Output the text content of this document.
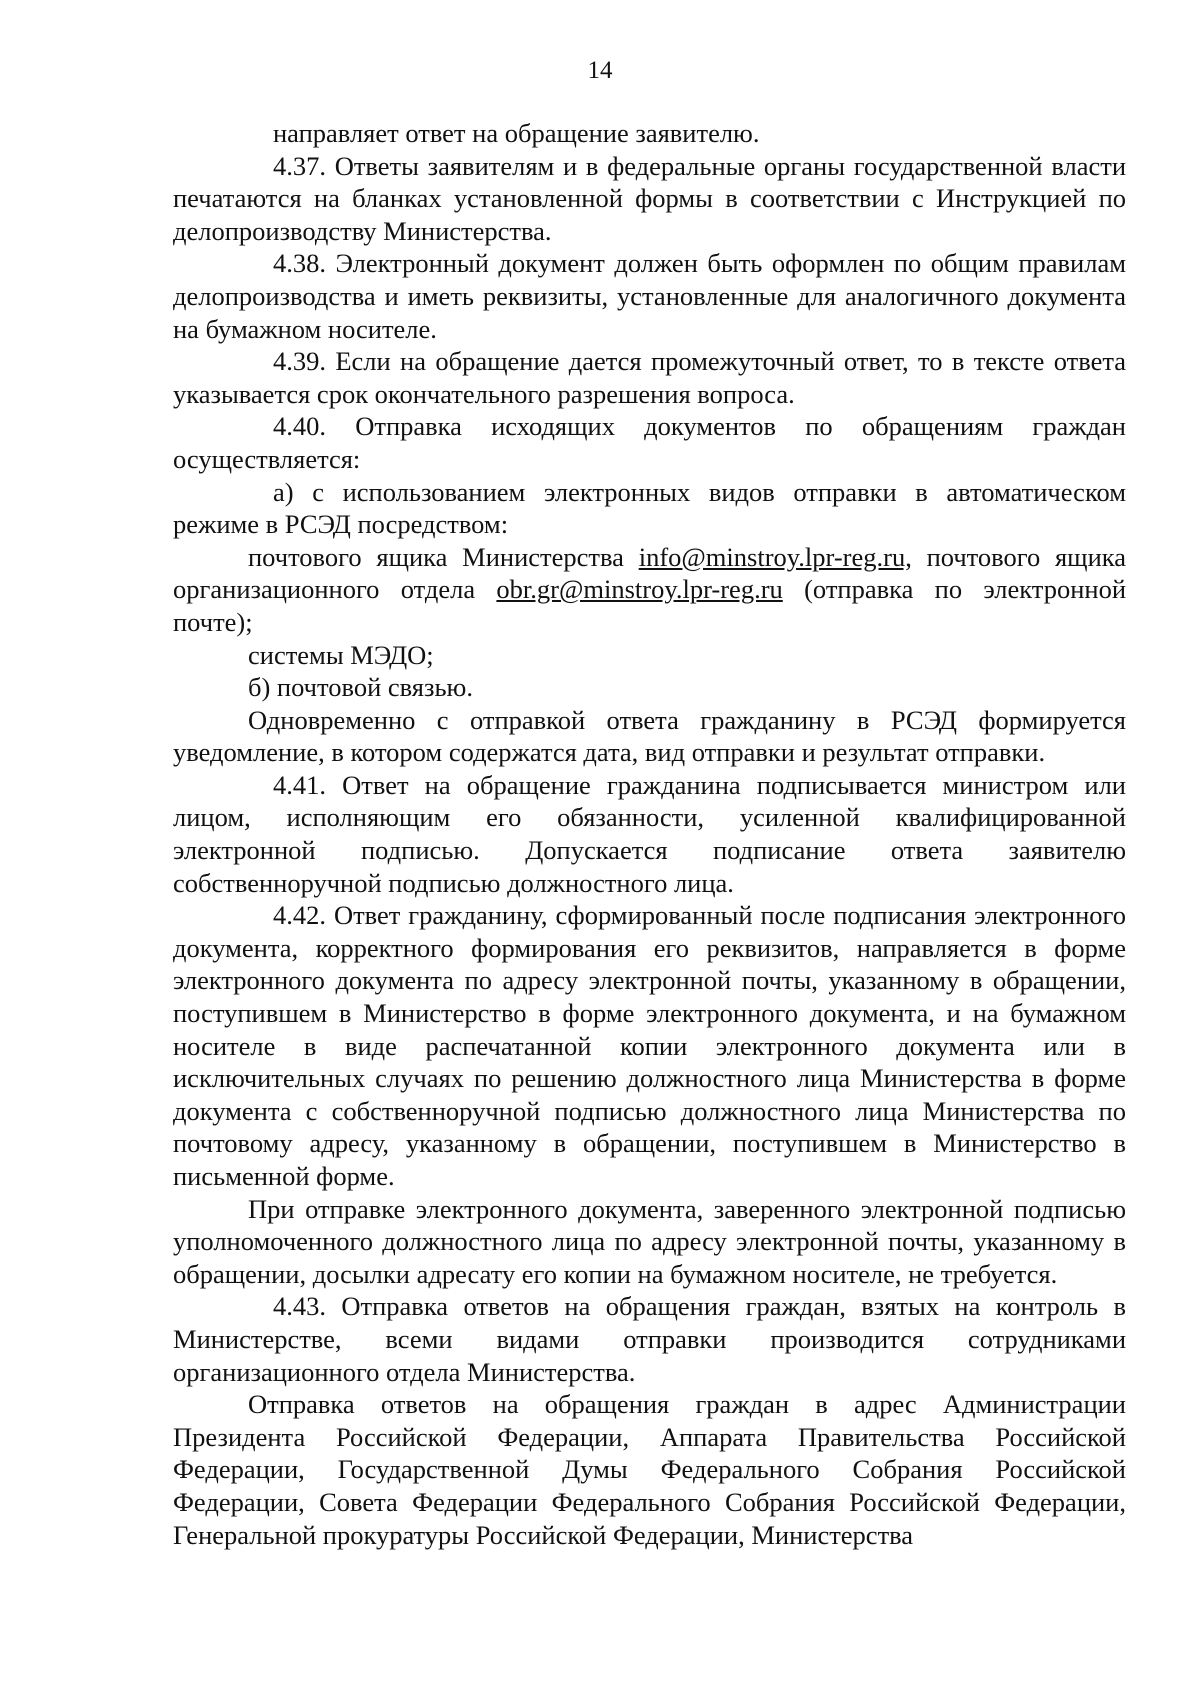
14

направляет ответ на обращение заявителю.

4.37. Ответы заявителям и в федеральные органы государственной власти печатаются на бланках установленной формы в соответствии с Инструкцией по делопроизводству Министерства.

4.38. Электронный документ должен быть оформлен по общим правилам делопроизводства и иметь реквизиты, установленные для аналогичного документа на бумажном носителе.

4.39. Если на обращение дается промежуточный ответ, то в тексте ответа указывается срок окончательного разрешения вопроса.

4.40. Отправка исходящих документов по обращениям граждан осуществляется:

а) с использованием электронных видов отправки в автоматическом режиме в РСЭД посредством:

почтового ящика Министерства info@minstroy.lpr-reg.ru, почтового ящика организационного отдела obr.gr@minstroy.lpr-reg.ru (отправка по электронной почте);

системы МЭДО;

б) почтовой связью.

Одновременно с отправкой ответа гражданину в РСЭД формируется уведомление, в котором содержатся дата, вид отправки и результат отправки.

4.41. Ответ на обращение гражданина подписывается министром или лицом, исполняющим его обязанности, усиленной квалифицированной электронной подписью. Допускается подписание ответа заявителю собственноручной подписью должностного лица.

4.42. Ответ гражданину, сформированный после подписания электронного документа, корректного формирования его реквизитов, направляется в форме электронного документа по адресу электронной почты, указанному в обращении, поступившем в Министерство в форме электронного документа, и на бумажном носителе в виде распечатанной копии электронного документа или в исключительных случаях по решению должностного лица Министерства в форме документа с собственноручной подписью должностного лица Министерства по почтовому адресу, указанному в обращении, поступившем в Министерство в письменной форме.

При отправке электронного документа, заверенного электронной подписью уполномоченного должностного лица по адресу электронной почты, указанному в обращении, досылки адресату его копии на бумажном носителе, не требуется.

4.43. Отправка ответов на обращения граждан, взятых на контроль в Министерстве, всеми видами отправки производится сотрудниками организационного отдела Министерства.

Отправка ответов на обращения граждан в адрес Администрации Президента Российской Федерации, Аппарата Правительства Российской Федерации, Государственной Думы Федерального Собрания Российской Федерации, Совета Федерации Федерального Собрания Российской Федерации, Генеральной прокуратуры Российской Федерации, Министерства
